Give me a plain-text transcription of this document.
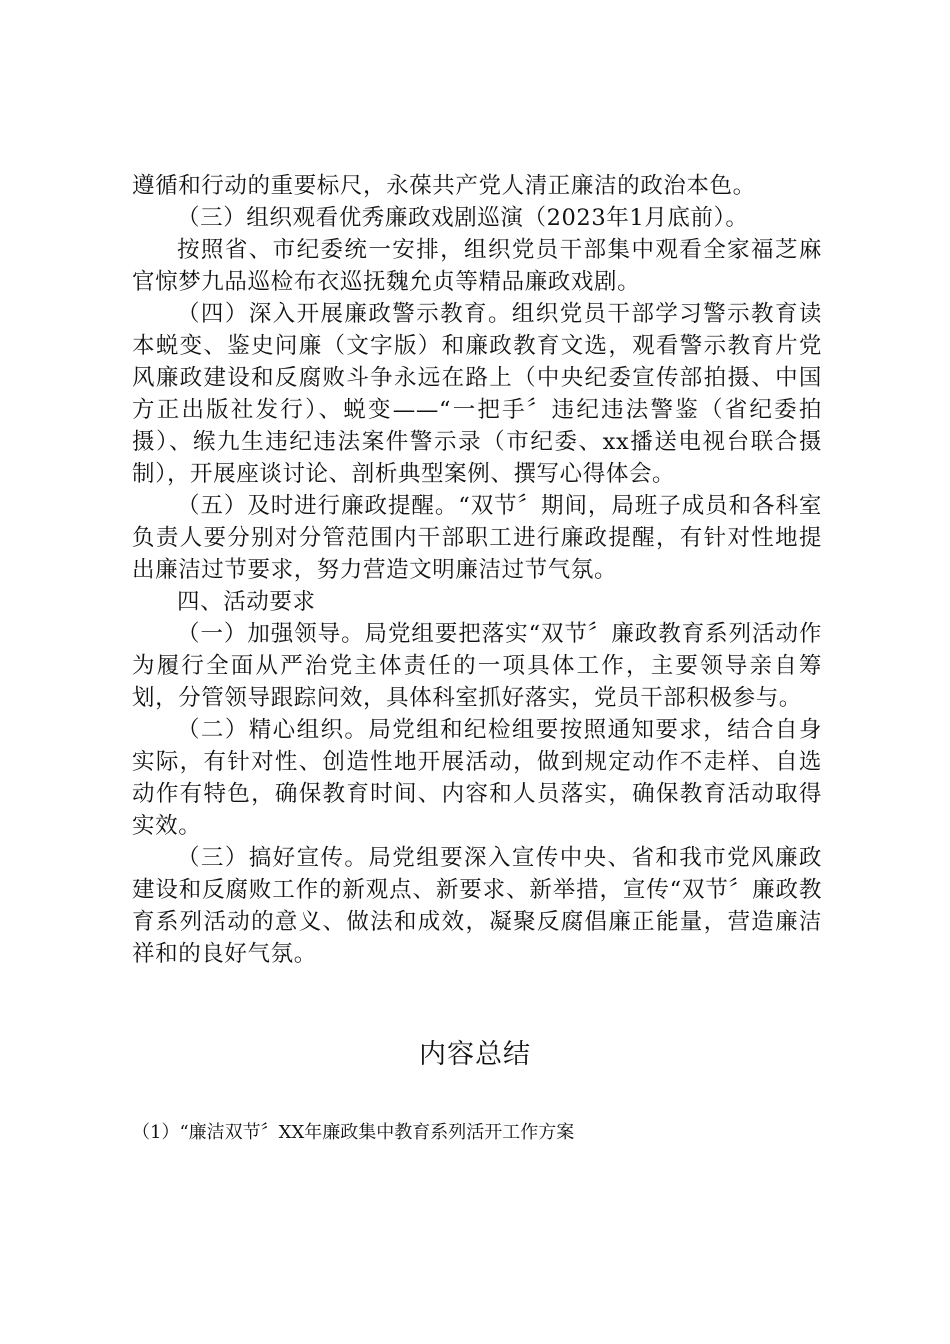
遵循和行动的重要标尺，永葆共产党人清正廉洁的政治本色。

（三）组织观看优秀廉政戏剧巡演（2023年1月底前）。

按照省、市纪委统一安排，组织党员干部集中观看全家福芝麻官惊梦九品巡检布衣巡抚魏允贞等精品廉政戏剧。

（四）深入开展廉政警示教育。组织党员干部学习警示教育读本蜕变、鉴史问廉（文字版）和廉政教育文选，观看警示教育片党风廉政建设和反腐败斗争永远在路上（中央纪委宣传部拍摄、中国方正出版社发行）、蜕变——“一把手〞违纪违法警鉴（省纪委拍摄）、缑九生违纪违法案件警示录（市纪委、xx播送电视台联合摄制），开展座谈讨论、剖析典型案例、撰写心得体会。

（五）及时进行廉政提醒。“双节〞期间，局班子成员和各科室负责人要分别对分管范围内干部职工进行廉政提醒，有针对性地提出廉洁过节要求，努力营造文明廉洁过节气氛。

四、活动要求

（一）加强领导。局党组要把落实“双节〞廉政教育系列活动作为履行全面从严治党主体责任的一项具体工作，主要领导亲自筹划，分管领导跟踪问效，具体科室抓好落实，党员干部积极参与。

（二）精心组织。局党组和纪检组要按照通知要求，结合自身实际，有针对性、创造性地开展活动，做到规定动作不走样、自选动作有特色，确保教育时间、内容和人员落实，确保教育活动取得实效。

（三）搞好宣传。局党组要深入宣传中央、省和我市党风廉政建设和反腐败工作的新观点、新要求、新举措，宣传“双节〞廉政教育系列活动的意义、做法和成效，凝聚反腐倡廉正能量，营造廉洁祥和的良好气氛。

内容总结
（1）“廉洁双节〞XX年廉政集中教育系列活开工作方案
